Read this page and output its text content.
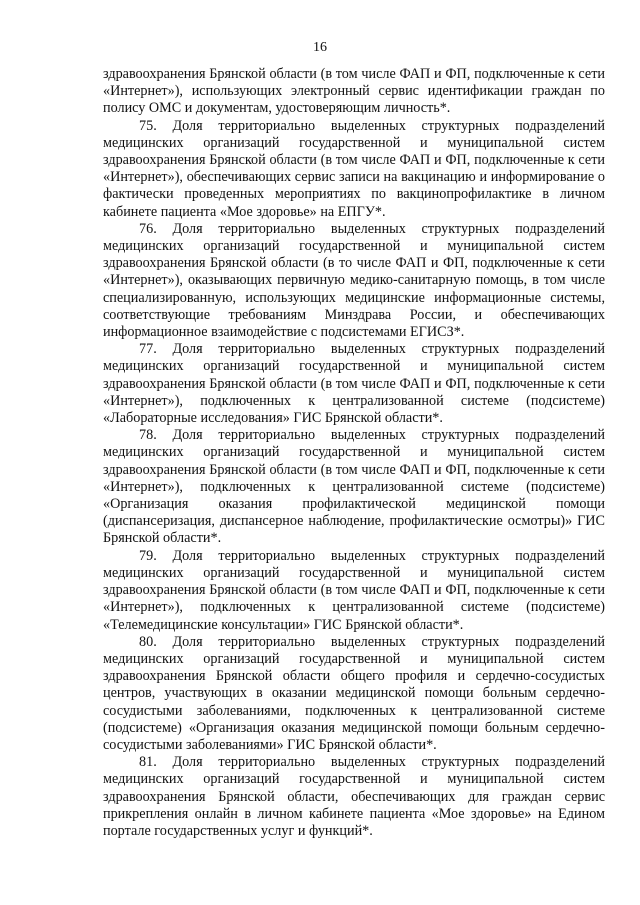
16

здравоохранения Брянской области (в том числе ФАП и ФП, подключенные к сети «Интернет»), использующих электронный сервис идентификации граждан по полису ОМС и документам, удостоверяющим личность*.

75. Доля территориально выделенных структурных подразделений медицинских организаций государственной и муниципальной систем здравоохранения Брянской области (в том числе ФАП и ФП, подключенные к сети «Интернет»), обеспечивающих сервис записи на вакцинацию и информирование о фактически проведенных мероприятиях по вакцинопрофилактике в личном кабинете пациента «Мое здоровье» на ЕПГУ*.

76. Доля территориально выделенных структурных подразделений медицинских организаций государственной и муниципальной систем здравоохранения Брянской области (в то числе ФАП и ФП, подключенные к сети «Интернет»), оказывающих первичную медико-санитарную помощь, в том числе специализированную, использующих медицинские информационные системы, соответствующие требованиям Минздрава России, и обеспечивающих информационное взаимодействие с подсистемами ЕГИСЗ*.

77. Доля территориально выделенных структурных подразделений медицинских организаций государственной и муниципальной систем здравоохранения Брянской области (в том числе ФАП и ФП, подключенные к сети «Интернет»), подключенных к централизованной системе (подсистеме) «Лабораторные исследования» ГИС Брянской области*.

78. Доля территориально выделенных структурных подразделений медицинских организаций государственной и муниципальной систем здравоохранения Брянской области (в том числе ФАП и ФП, подключенные к сети «Интернет»), подключенных к централизованной системе (подсистеме) «Организация оказания профилактической медицинской помощи (диспансеризация, диспансерное наблюдение, профилактические осмотры)» ГИС Брянской области*.

79. Доля территориально выделенных структурных подразделений медицинских организаций государственной и муниципальной систем здравоохранения Брянской области (в том числе ФАП и ФП, подключенные к сети «Интернет»), подключенных к централизованной системе (подсистеме) «Телемедицинские консультации» ГИС Брянской области*.

80. Доля территориально выделенных структурных подразделений медицинских организаций государственной и муниципальной систем здравоохранения Брянской области общего профиля и сердечно-сосудистых центров, участвующих в оказании медицинской помощи больным сердечно-сосудистыми заболеваниями, подключенных к централизованной системе (подсистеме) «Организация оказания медицинской помощи больным сердечно-сосудистыми заболеваниями» ГИС Брянской области*.

81. Доля территориально выделенных структурных подразделений медицинских организаций государственной и муниципальной систем здравоохранения Брянской области, обеспечивающих для граждан сервис прикрепления онлайн в личном кабинете пациента «Мое здоровье» на Едином портале государственных услуг и функций*.
